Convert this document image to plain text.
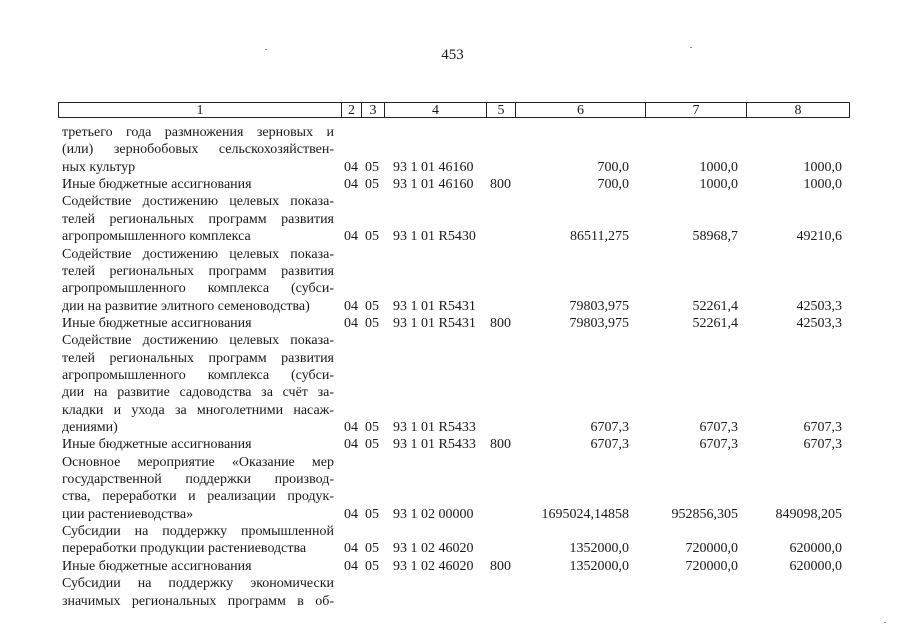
453
1	2	3	4	5	6	7	8
третьего года размножения зерновых и
(или) зернобобовых сельскохозяйствен-
ных культур	04 05 93 1 01 46160	700,0	1000,0	1000,0
Иные бюджетные ассигнования	04 05 93 1 01 46160	800	700,0	1000,0	1000,0
Содействие достижению целевых показа-
телей региональных программ развития
агропромышленного комплекса	04 05 93 1 01 R5430	86511,275	58968,7	49210,6
Содействие достижению целевых показа-
телей региональных программ развития
агропромышленного комплекса (субси-
дии на развитие элитного семеноводства)	04 05 93 1 01 R5431	79803,975	52261,4	42503,3
Иные бюджетные ассигнования	04 05 93 1 01 R5431	800	79803,975	52261,4	42503,3
Содействие достижению целевых показа-
телей региональных программ развития
агропромышленного комплекса (субси-
дии на развитие садоводства за счёт за-
кладки и ухода за многолетними насаж-
дениями)	04 05 93 1 01 R5433	6707,3	6707,3	6707,3
Иные бюджетные ассигнования	04 05 93 1 01 R5433	800	6707,3	6707,3	6707,3
Основное мероприятие «Оказание мер
государственной поддержки производ-
ства, переработки и реализации продук-
ции растениеводства»	04 05 93 1 02 00000	1695024,14858	952856,305	849098,205
Субсидии на поддержку промышленной
переработки продукции растениеводства	04 05 93 1 02 46020	1352000,0	720000,0	620000,0
Иные бюджетные ассигнования	04 05 93 1 02 46020	800	1352000,0	720000,0	620000,0
Субсидии на поддержку экономически
значимых региональных программ в об-
